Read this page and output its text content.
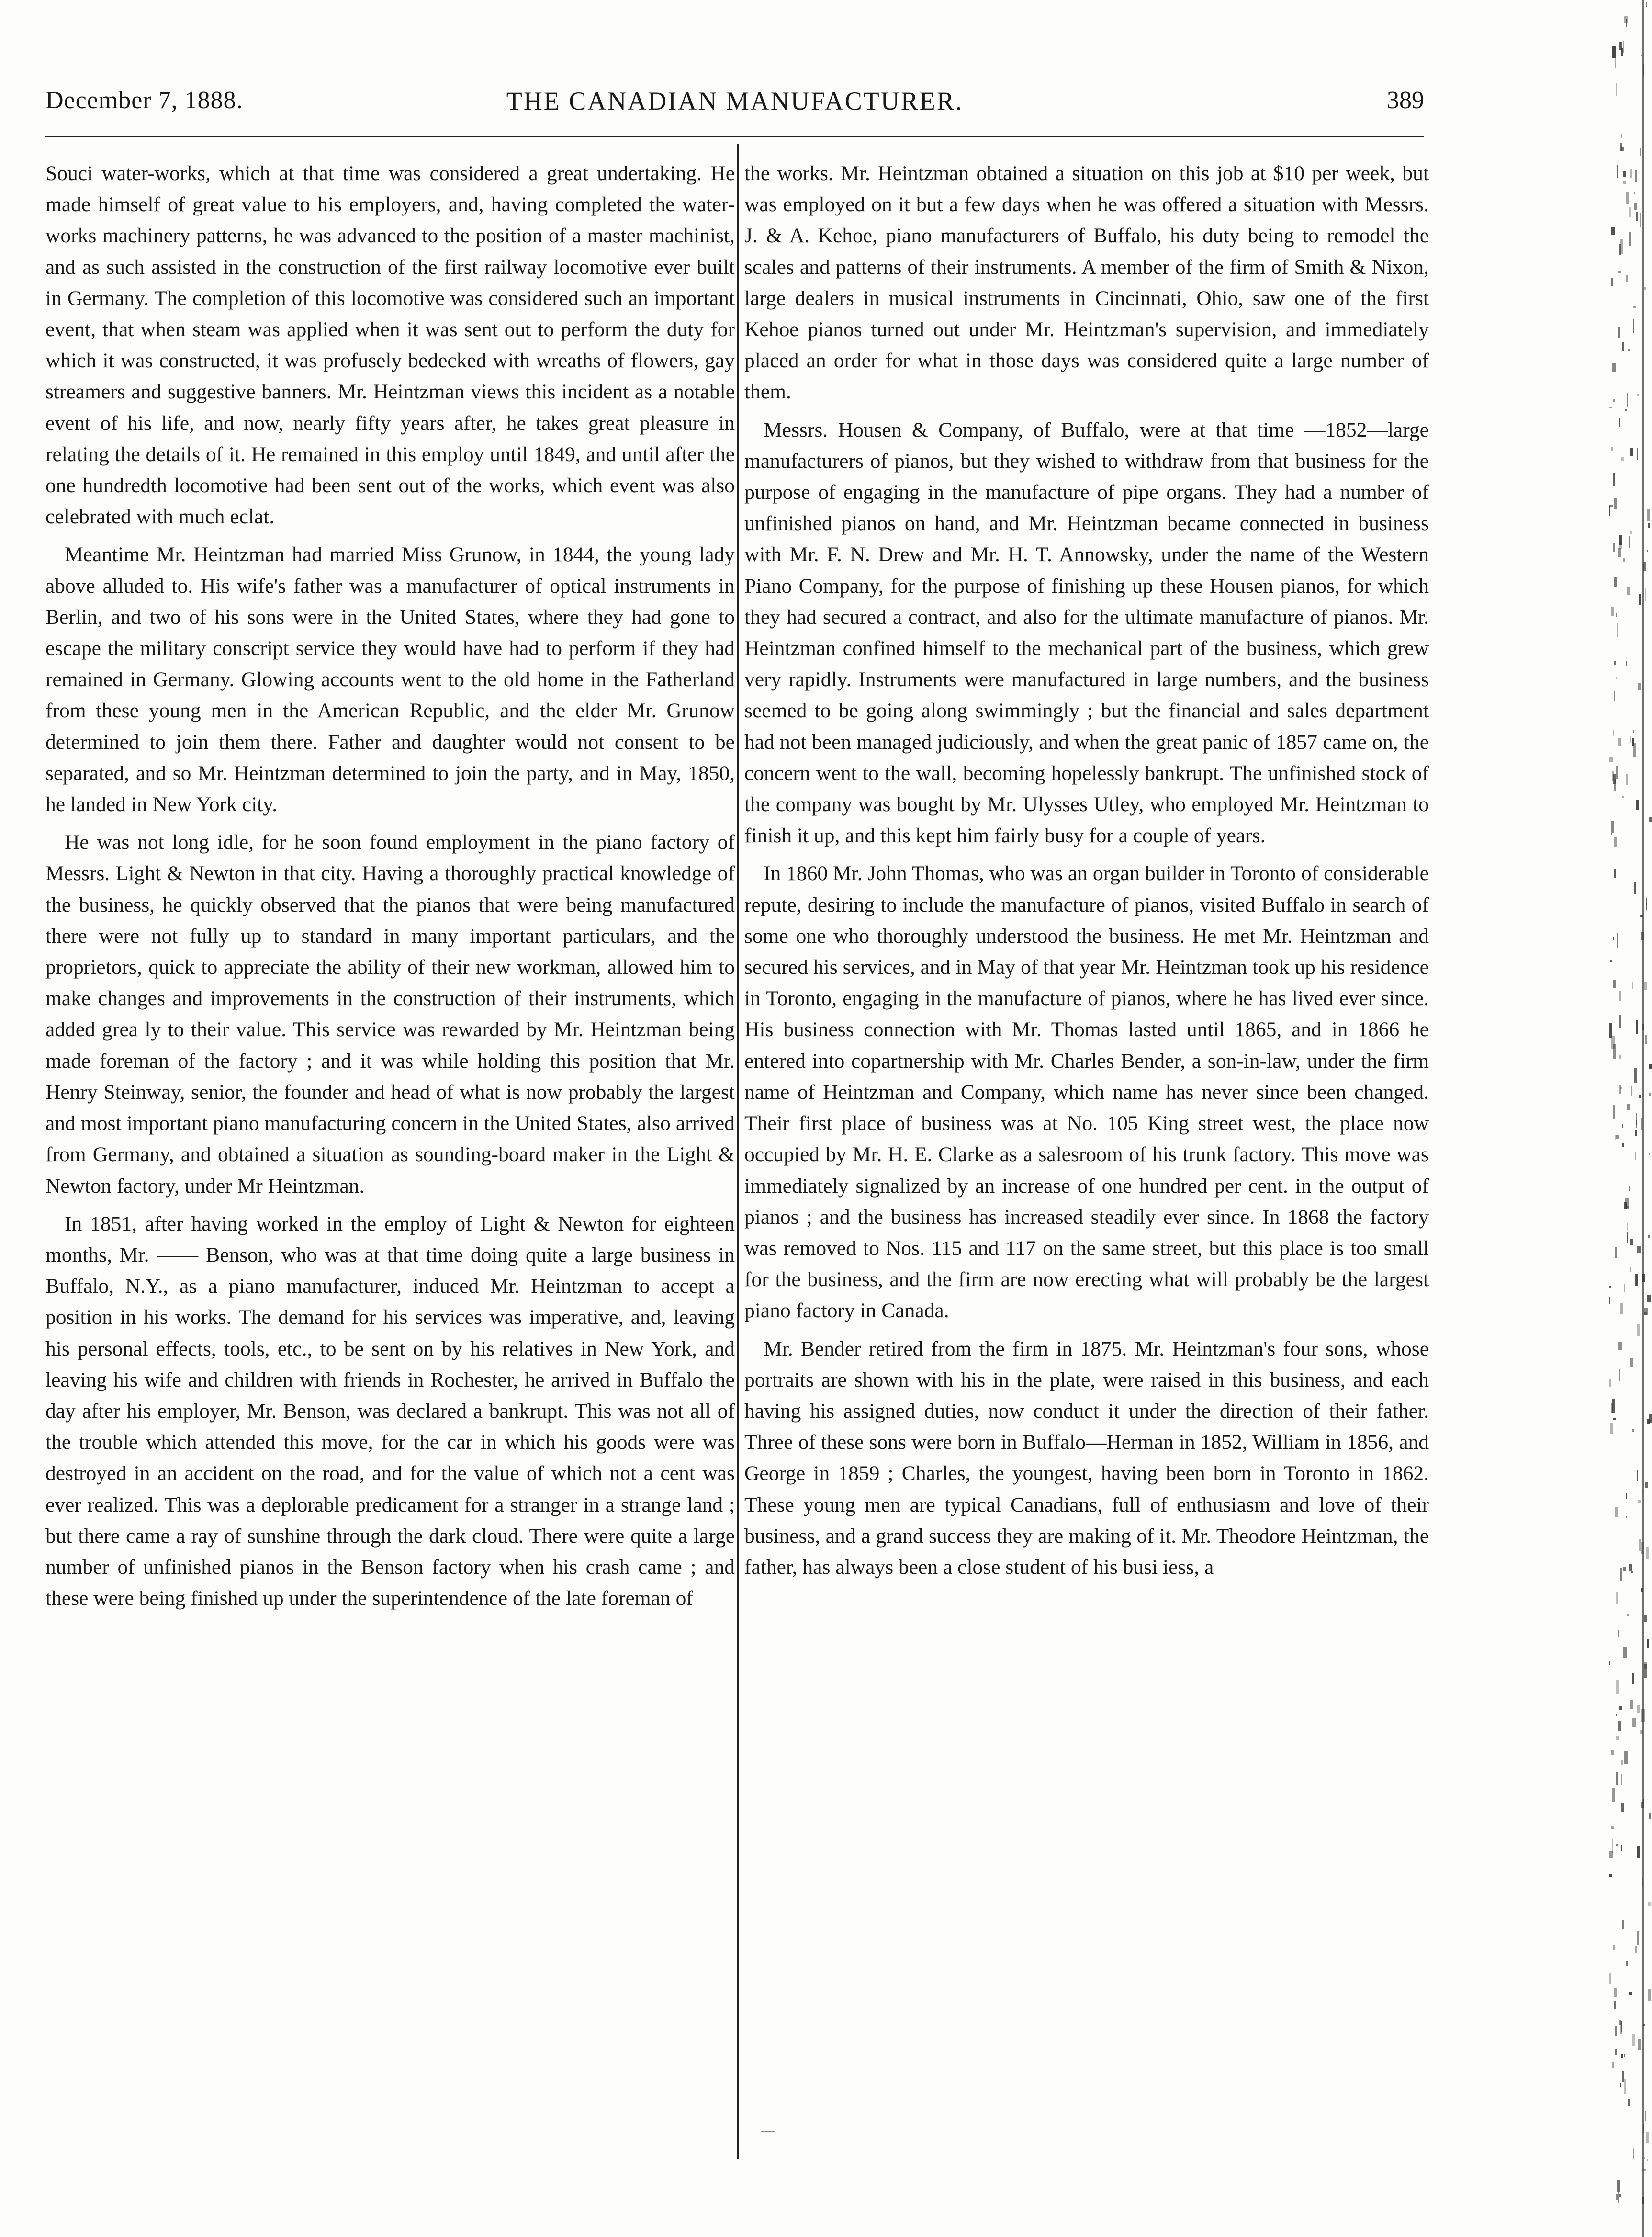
December 7, 1888.	THE CANADIAN MANUFACTURER.	389

Souci water-works, which at that time was considered a great undertaking. He made himself of great value to his employers, and, having completed the water-works machinery patterns, he was advanced to the position of a master machinist, and as such assisted in the construction of the first railway locomotive ever built in Germany. The completion of this locomotive was considered such an important event, that when steam was applied when it was sent out to perform the duty for which it was constructed, it was profusely bedecked with wreaths of flowers, gay streamers and suggestive banners. Mr. Heintzman views this incident as a notable event of his life, and now, nearly fifty years after, he takes great pleasure in relating the details of it. He remained in this employ until 1849, and until after the one hundredth locomotive had been sent out of the works, which event was also celebrated with much eclat.

Meantime Mr. Heintzman had married Miss Grunow, in 1844, the young lady above alluded to. His wife's father was a manufacturer of optical instruments in Berlin, and two of his sons were in the United States, where they had gone to escape the military conscript service they would have had to perform if they had remained in Germany. Glowing accounts went to the old home in the Fatherland from these young men in the American Republic, and the elder Mr. Grunow determined to join them there. Father and daughter would not consent to be separated, and so Mr. Heintzman determined to join the party, and in May, 1850, he landed in New York city.

He was not long idle, for he soon found employment in the piano factory of Messrs. Light & Newton in that city. Having a thoroughly practical knowledge of the business, he quickly observed that the pianos that were being manufactured there were not fully up to standard in many important particulars, and the proprietors, quick to appreciate the ability of their new workman, allowed him to make changes and improvements in the construction of their instruments, which added grea ly to their value. This service was rewarded by Mr. Heintzman being made foreman of the factory ; and it was while holding this position that Mr. Henry Steinway, senior, the founder and head of what is now probably the largest and most important piano manufacturing concern in the United States, also arrived from Germany, and obtained a situation as sounding-board maker in the Light & Newton factory, under Mr Heintzman.

In 1851, after having worked in the employ of Light & Newton for eighteen months, Mr. —— Benson, who was at that time doing quite a large business in Buffalo, N.Y., as a piano manufacturer, induced Mr. Heintzman to accept a position in his works. The demand for his services was imperative, and, leaving his personal effects, tools, etc., to be sent on by his relatives in New York, and leaving his wife and children with friends in Rochester, he arrived in Buffalo the day after his employer, Mr. Benson, was declared a bankrupt. This was not all of the trouble which attended this move, for the car in which his goods were was destroyed in an accident on the road, and for the value of which not a cent was ever realized. This was a deplorable predicament for a stranger in a strange land ; but there came a ray of sunshine through the dark cloud. There were quite a large number of unfinished pianos in the Benson factory when his crash came ; and these were being finished up under the superintendence of the late foreman of

the works. Mr. Heintzman obtained a situation on this job at $10 per week, but was employed on it but a few days when he was offered a situation with Messrs. J. & A. Kehoe, piano manufacturers of Buffalo, his duty being to remodel the scales and patterns of their instruments. A member of the firm of Smith & Nixon, large dealers in musical instruments in Cincinnati, Ohio, saw one of the first Kehoe pianos turned out under Mr. Heintzman's supervision, and immediately placed an order for what in those days was considered quite a large number of them.

Messrs. Housen & Company, of Buffalo, were at that time —1852—large manufacturers of pianos, but they wished to withdraw from that business for the purpose of engaging in the manufacture of pipe organs. They had a number of unfinished pianos on hand, and Mr. Heintzman became connected in business with Mr. F. N. Drew and Mr. H. T. Annowsky, under the name of the Western Piano Company, for the purpose of finishing up these Housen pianos, for which they had secured a contract, and also for the ultimate manufacture of pianos. Mr. Heintzman confined himself to the mechanical part of the business, which grew very rapidly. Instruments were manufactured in large numbers, and the business seemed to be going along swimmingly ; but the financial and sales department had not been managed judiciously, and when the great panic of 1857 came on, the concern went to the wall, becoming hopelessly bankrupt. The unfinished stock of the company was bought by Mr. Ulysses Utley, who employed Mr. Heintzman to finish it up, and this kept him fairly busy for a couple of years.

In 1860 Mr. John Thomas, who was an organ builder in Toronto of considerable repute, desiring to include the manufacture of pianos, visited Buffalo in search of some one who thoroughly understood the business. He met Mr. Heintzman and secured his services, and in May of that year Mr. Heintzman took up his residence in Toronto, engaging in the manufacture of pianos, where he has lived ever since. His business connection with Mr. Thomas lasted until 1865, and in 1866 he entered into copartnership with Mr. Charles Bender, a son-in-law, under the firm name of Heintzman and Company, which name has never since been changed. Their first place of business was at No. 105 King street west, the place now occupied by Mr. H. E. Clarke as a salesroom of his trunk factory. This move was immediately signalized by an increase of one hundred per cent. in the output of pianos ; and the business has increased steadily ever since. In 1868 the factory was removed to Nos. 115 and 117 on the same street, but this place is too small for the business, and the firm are now erecting what will probably be the largest piano factory in Canada.

Mr. Bender retired from the firm in 1875. Mr. Heintzman's four sons, whose portraits are shown with his in the plate, were raised in this business, and each having his assigned duties, now conduct it under the direction of their father. Three of these sons were born in Buffalo—Herman in 1852, William in 1856, and George in 1859 ; Charles, the youngest, having been born in Toronto in 1862. These young men are typical Canadians, full of enthusiasm and love of their business, and a grand success they are making of it. Mr. Theodore Heintzman, the father, has always been a close student of his busi iess, a
